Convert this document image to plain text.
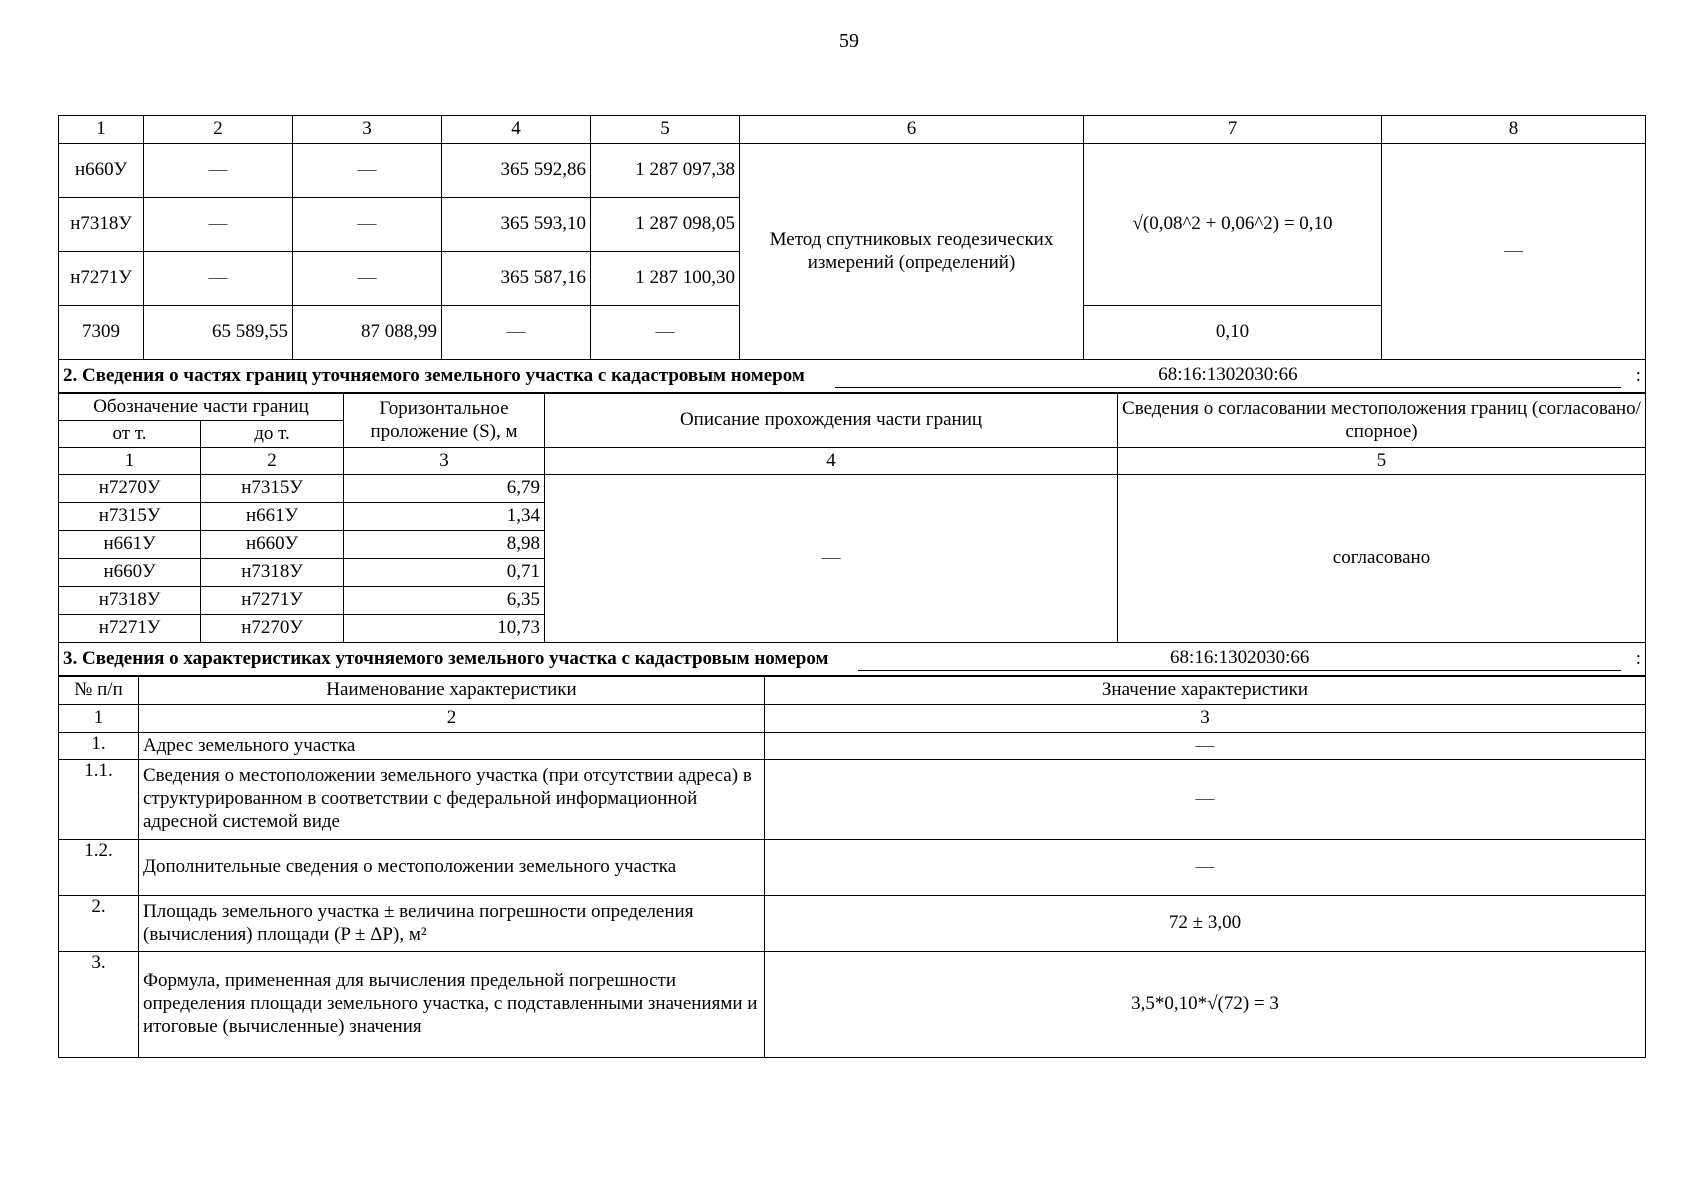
59
1	2	3	4	5	6	7	8
н660У	—	—	365 592,86	1 287 097,38	Метод спутниковых геодезических измерений (определений)	√(0,08^2 + 0,06^2) = 0,10	—
н7318У	—	—	365 593,10	1 287 098,05			
н7271У	—	—	365 587,16	1 287 100,30			
7309	65 589,55	87 088,99	—	—		0,10	

2. Сведения о частях границ уточняемого земельного участка с кадастровым номером 68:16:1302030:66 :							
Обозначение части границ		Горизонтальное проложение (S), м	Описание прохождения части границ	Сведения о согласовании местоположения границ (согласовано/спорное)
от т.	до т.			
1	2	3	4	5
н7270У	н7315У	6,79	—	согласовано
н7315У	н661У	1,34		
н661У	н660У	8,98		
н660У	н7318У	0,71		
н7318У	н7271У	6,35		
н7271У	н7270У	10,73		

3. Сведения о характеристиках уточняемого земельного участка с кадастровым номером 68:16:1302030:66 :				
№ п/п	Наименование характеристики	Значение характеристики
1	2	3
1.	Адрес земельного участка	—
1.1.	Сведения о местоположении земельного участка (при отсутствии адреса) в структурированном в соответствии с федеральной информационной адресной системой виде	—
1.2.	Дополнительные сведения о местоположении земельного участка	—
2.	Площадь земельного участка ± величина погрешности определения (вычисления) площади (P ± ΔP), м²	72 ± 3,00
3.	Формула, примененная для вычисления предельной погрешности определения площади земельного участка, с подставленными значениями и итоговые (вычисленные) значения	3,5*0,10*√(72) = 3
